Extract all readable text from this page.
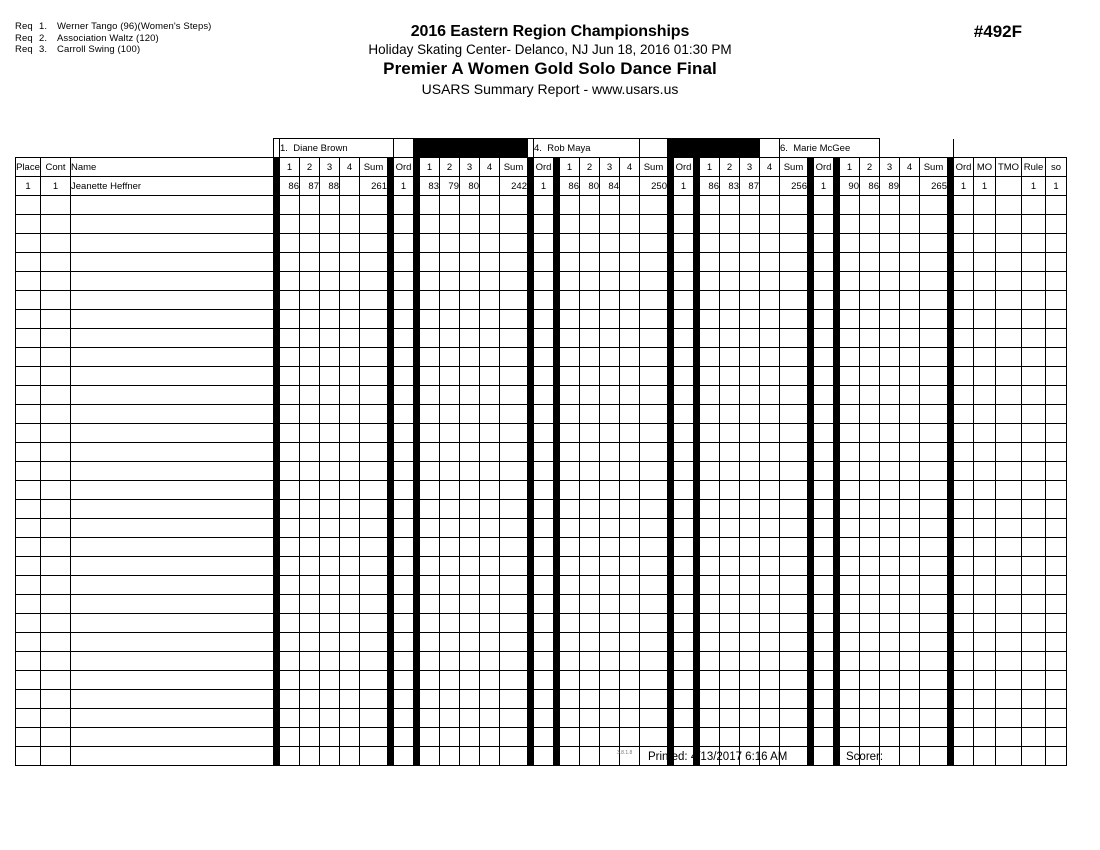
Req 1. Werner Tango (96)(Women's Steps)
Req 2. Association Waltz (120)
Req 3. Carroll Swing (100)
2016 Eastern Region Championships
Holiday Skating Center- Delanco, NJ Jun 18, 2016 01:30 PM
Premier A Women Gold Solo Dance Final
USARS Summary Report - www.usars.us
#492F
				1. Diane Brown							3. Ted Hansford							4. Rob Maya							5. Paul McElhiney							6. Marie McGee														
Place	Cont	Name		1	2	3	4	Sum		Ord		1	2	3	4	Sum		Ord		1	2	3	4	Sum		Ord		1	2	3	4	Sum		Ord		1	2	3	4	Sum		Ord	MO	TMO	Rule	so
1	1	Jeanette Heffner		86	87	88		261		1		83	79	80		242		1		86	80	84		250		1		86	83	87		256		1		90	86	89		265		1	1		1	1

3.8.1.8 Printed: 4/13/2017 6:16 AM	Scorer:
